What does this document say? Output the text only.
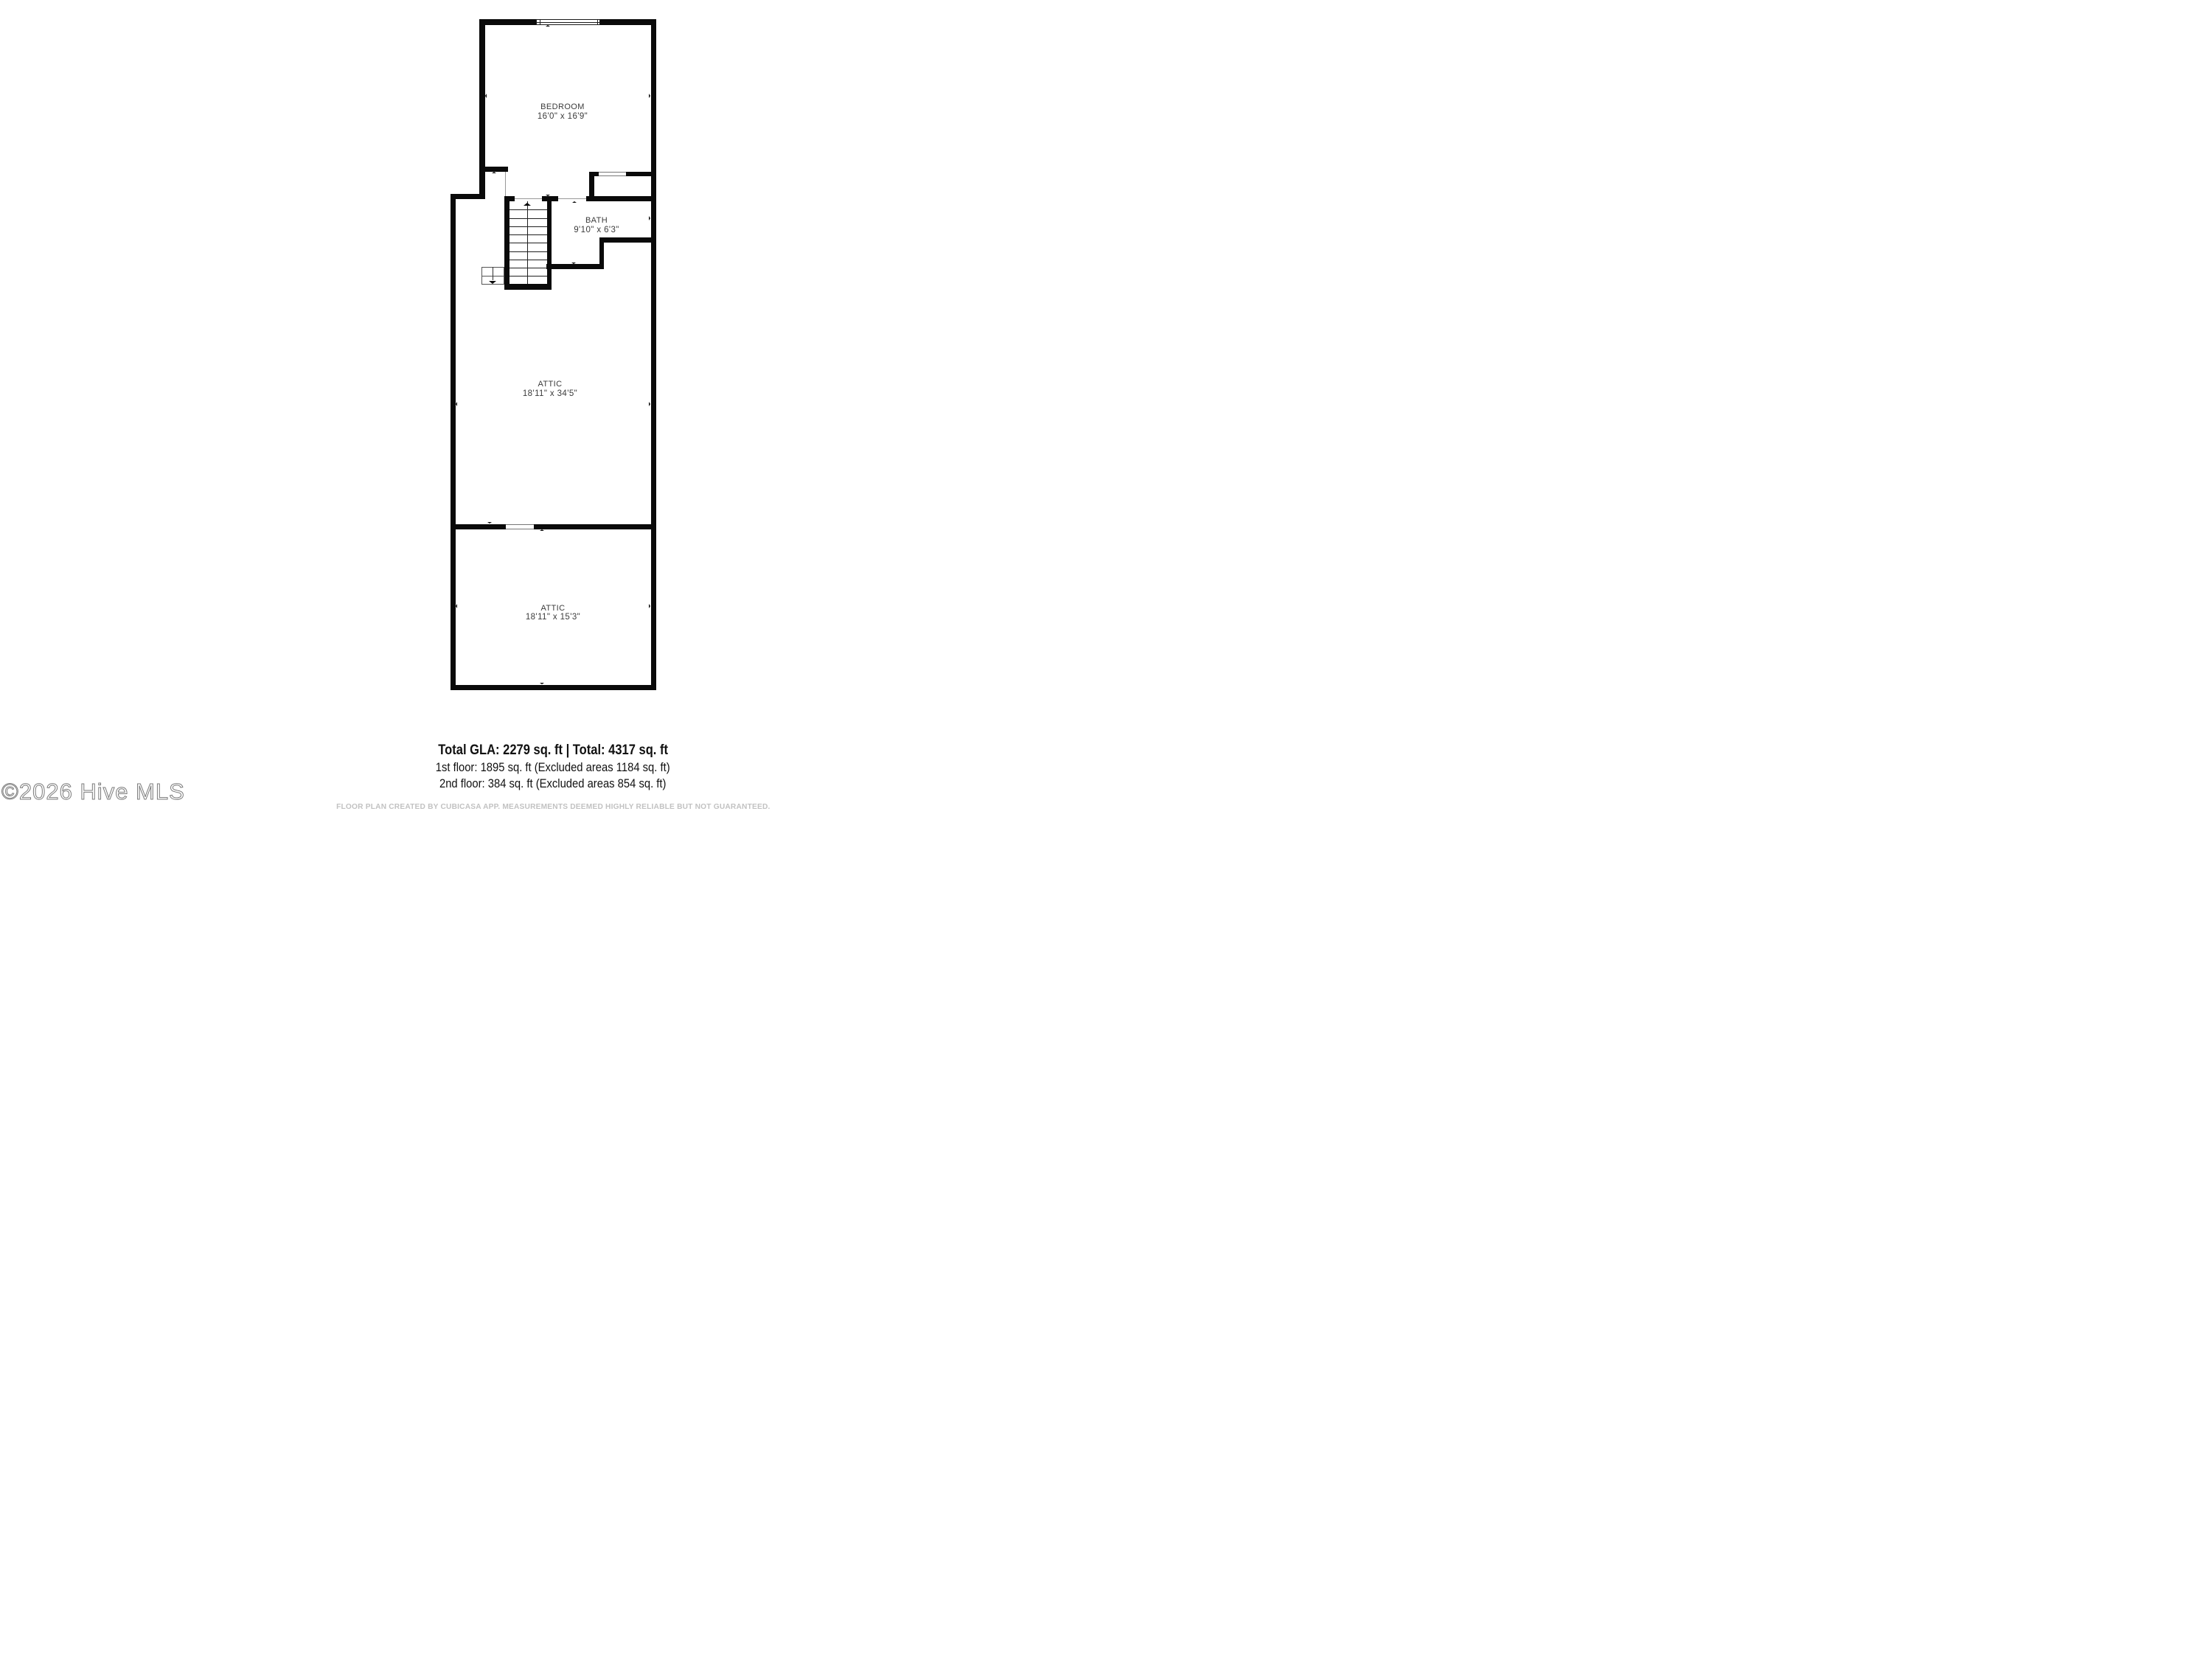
BEDROOM
16'0" x 16'9"
BATH
9'10" x 6'3"
ATTIC
18'11" x 34'5"
ATTIC
18'11" x 15'3"
Total GLA: 2279 sq. ft | Total: 4317 sq. ft
1st floor: 1895 sq. ft (Excluded areas 1184 sq. ft)
2nd floor: 384 sq. ft (Excluded areas 854 sq. ft)
FLOOR PLAN CREATED BY CUBICASA APP. MEASUREMENTS DEEMED HIGHLY RELIABLE BUT NOT GUARANTEED.
©2026 Hive MLS
